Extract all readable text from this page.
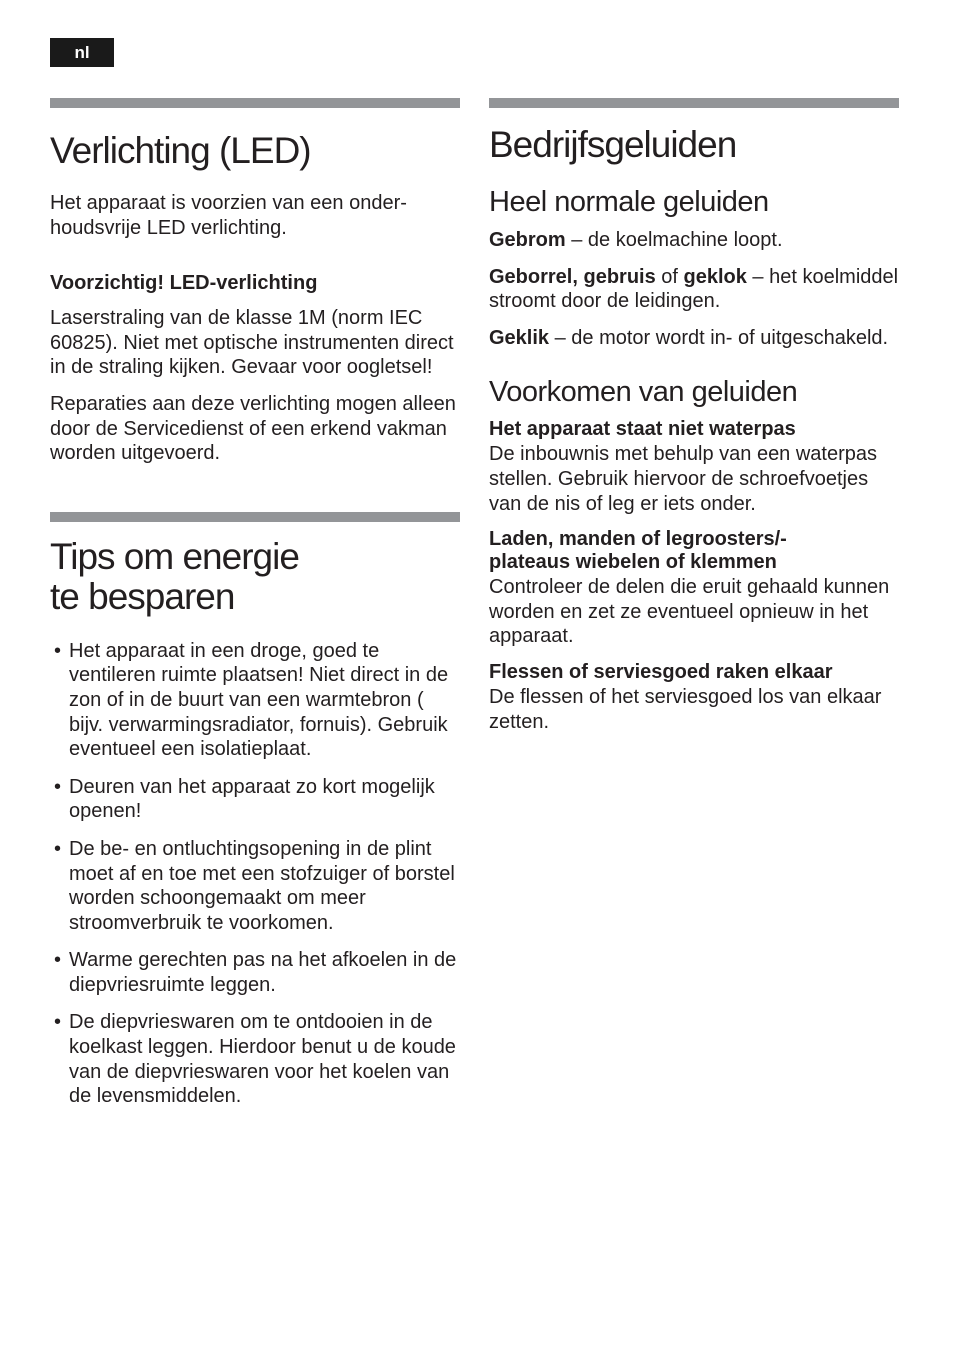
nl
Verlichting (LED)

Het apparaat is voorzien van een onder-houdsvrije LED verlichting.

Voorzichtig! LED-verlichting

Laserstraling van de klasse 1M (norm IEC 60825). Niet met optische instrumenten direct in de straling kijken. Gevaar voor oogletsel!

Reparaties aan deze verlichting mogen alleen door de Servicedienst of een erkend vakman worden uitgevoerd.

Tips om energie
te besparen
• Het apparaat in een droge, goed te ventileren ruimte plaatsen! Niet direct in de zon of in de buurt van een warmtebron ( bijv. verwarmingsradiator, fornuis). Gebruik eventueel een isolatieplaat.
• Deuren van het apparaat zo kort mogelijk openen!
• De be- en ontluchtingsopening in de plint moet af en toe met een stofzuiger of borstel worden schoongemaakt om meer stroomverbruik te voorkomen.
• Warme gerechten pas na het afkoelen in de diepvriesruimte leggen.
• De diepvrieswaren om te ontdooien in de koelkast leggen. Hierdoor benut u de koude van de diepvrieswaren voor het koelen van de levensmiddelen.
Bedrijfsgeluiden
Heel normale geluiden

Gebrom – de koelmachine loopt.

Geborrel, gebruis of geklok – het koelmiddel stroomt door de leidingen.

Geklik – de motor wordt in- of uitgeschakeld.

Voorkomen van geluiden
Het apparaat staat niet waterpas

De inbouwnis met behulp van een waterpas stellen. Gebruik hiervoor de schroefvoetjes van de nis of leg er iets onder.

Laden, manden of legroosters/-plateaus wiebelen of klemmen

Controleer de delen die eruit gehaald kunnen worden en zet ze eventueel opnieuw in het apparaat.

Flessen of serviesgoed raken elkaar

De flessen of het serviesgoed los van elkaar zetten.
